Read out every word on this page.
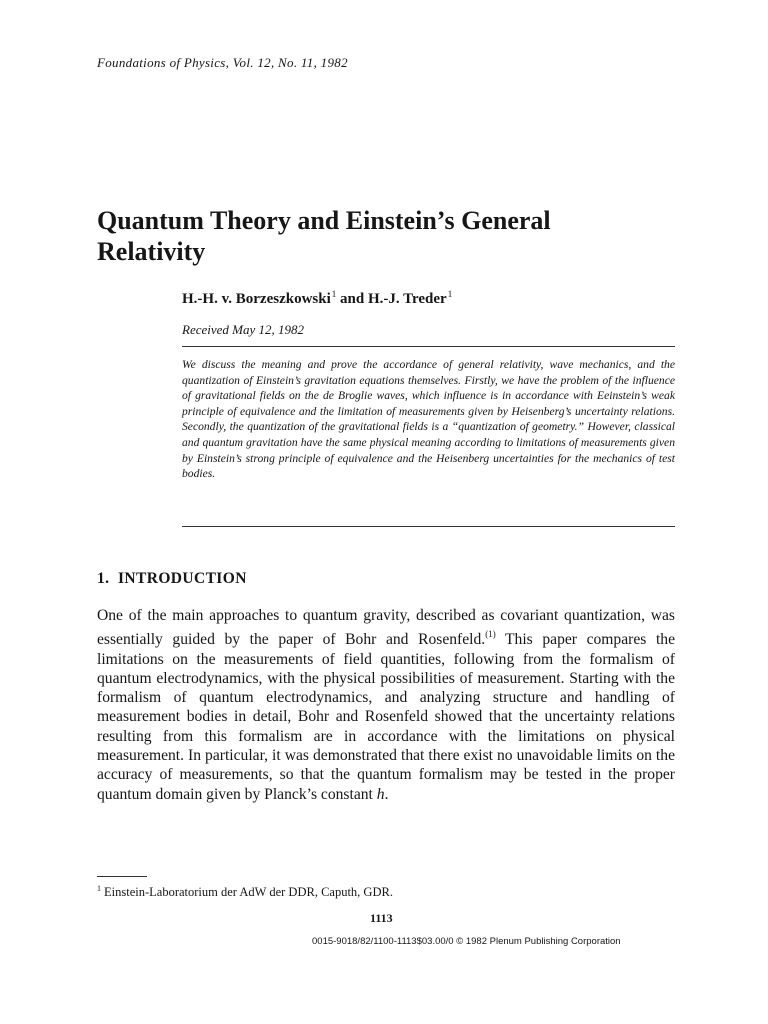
Foundations of Physics, Vol. 12, No. 11, 1982
Quantum Theory and Einstein’s General Relativity
H.-H. v. Borzeszkowski$^1$ and H.-J. Treder$^1$
Received May 12, 1982
We discuss the meaning and prove the accordance of general relativity, wave mechanics, and the quantization of Einstein’s gravitation equations themselves. Firstly, we have the problem of the influence of gravitational fields on the de Broglie waves, which influence is in accordance with Eeinstein’s weak principle of equivalence and the limitation of measurements given by Heisenberg’s uncertainty relations. Secondly, the quantization of the gravitational fields is a “quantization of geometry.” However, classical and quantum gravitation have the same physical meaning according to limitations of measurements given by Einstein’s strong principle of equivalence and the Heisenberg uncertainties for the mechanics of test bodies.
1.  INTRODUCTION
One of the main approaches to quantum gravity, described as covariant quantization, was essentially guided by the paper of Bohr and Rosenfeld.$^{(1)}$ This paper compares the limitations on the measurements of field quantities, following from the formalism of quantum electrodynamics, with the physical possibilities of measurement. Starting with the formalism of quantum electrodynamics, and analyzing structure and handling of measurement bodies in detail, Bohr and Rosenfeld showed that the uncertainty relations resulting from this formalism are in accordance with the limitations on physical measurement. In particular, it was demonstrated that there exist no unavoidable limits on the accuracy of measurements, so that the quantum formalism may be tested in the proper quantum domain given by Planck’s constant h.
$^1$ Einstein-Laboratorium der AdW der DDR, Caputh, GDR.
1113
0015-9018/82/1100-1113$03.00/0 © 1982 Plenum Publishing Corporation
